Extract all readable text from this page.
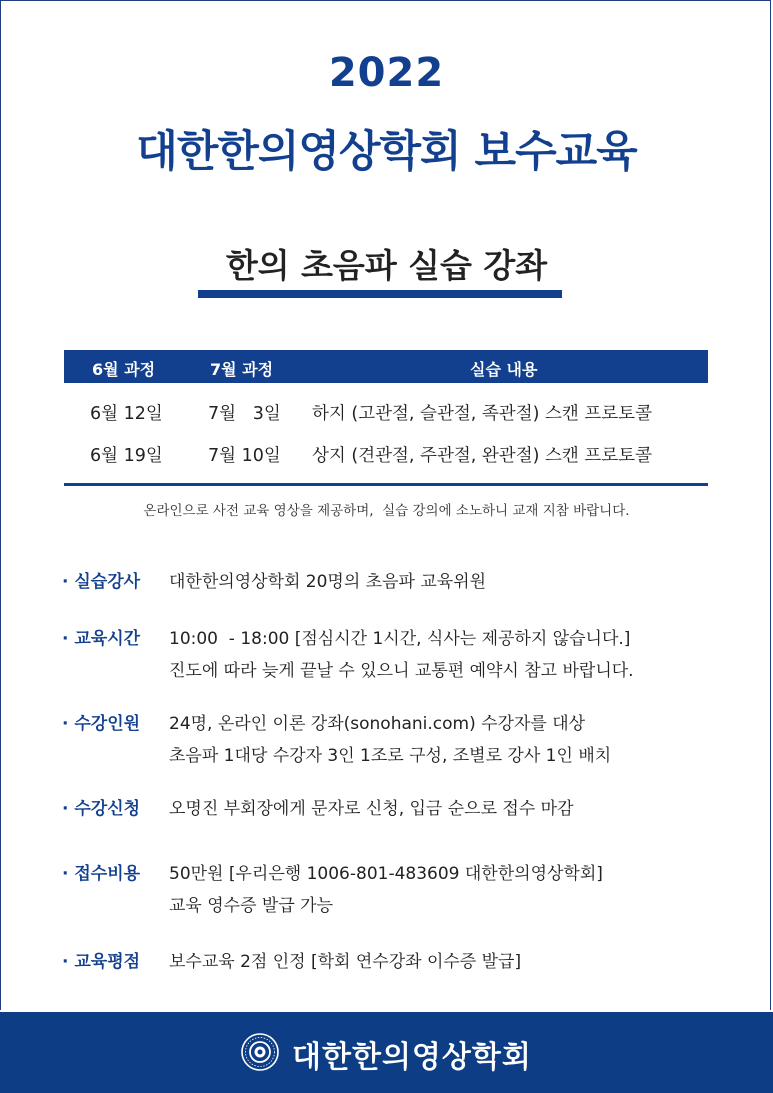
2022
대한한의영상학회 보수교육
한의 초음파 실습 강좌
6월 과정	7월 과정	실습 내용
6월 12일	7월   3일 하지 (고관절, 슬관절, 족관절) 스캔 프로토콜
6월 19일	7월 10일 상지 (견관절, 주관절, 완관절) 스캔 프로토콜
온라인으로 사전 교육 영상을 제공하며,  실습 강의에 소노하니 교재 지참 바랍니다.
· 실습강사 대한한의영상학회 20명의 초음파 교육위원
· 교육시간 10:00  - 18:00 [점심시간 1시간, 식사는 제공하지 않습니다.]
진도에 따라 늦게 끝날 수 있으니 교통편 예약시 참고 바랍니다.
· 수강인원 24명, 온라인 이론 강좌(sonohani.com) 수강자를 대상
초음파 1대당 수강자 3인 1조로 구성, 조별로 강사 1인 배치
· 수강신청 오명진 부회장에게 문자로 신청, 입금 순으로 접수 마감
· 접수비용 50만원 [우리은행 1006-801-483609 대한한의영상학회]
교육 영수증 발급 가능
· 교육평점 보수교육 2점 인정 [학회 연수강좌 이수증 발급]
대한한의영상학회
